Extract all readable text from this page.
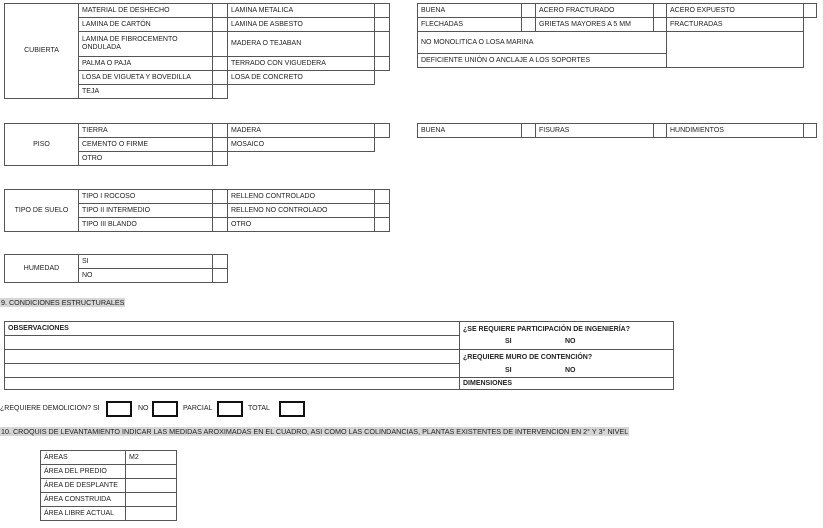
CUBIERTA	MATERIAL DE DESHECHO		LAMINA METALICA	
	LAMINA DE CARTÓN		LAMINA DE ASBESTO	
	LAMINA DE FIBROCEMENTO ONDULADA		MADERA O TEJABAN	
	PALMA O PAJA		TERRADO CON VIGUEDERA	
	LOSA DE VIGUETA Y BOVEDILLA		LOSA DE CONCRETO	
	TEJA			
BUENA		ACERO FRACTURADO		ACERO EXPUESTO	
FLECHADAS		GRIETAS MAYORES A 5 MM		FRACTURADAS	
NO MONOLITICA O LOSA MARINA					
DEFICIENTE UNIÓN O ANCLAJE A LOS SOPORTES					
PISO	TIERRA		MADERA	
	CEMENTO O FIRME		MOSAICO	
	OTRO			
BUENA		FISURAS		HUNDIMIENTOS	
TIPO DE SUELO	TIPO I ROCOSO		RELLENO CONTROLADO	
	TIPO II INTERMEDIO		RELLENO NO CONTROLADO	
	TIPO III BLANDO		OTRO	
HUMEDAD	SI	
	NO	
9. CONDICIONES ESTRUCTURALES
OBSERVACIONES	¿SE REQUIERE PARTICIPACIÓN DE INGENIERÍA?
SI NO

	¿REQUIERE MURO DE CONTENCIÓN?
SI NO

	DIMENSIONES
¿REQUIERE DEMOLICION? SI	NO	PARCIAL	TOTAL
10. CROQUIS DE LEVANTAMIENTO INDICAR LAS MEDIDAS AROXIMADAS EN EL CUADRO, ASI COMO LAS COLINDANCIAS, PLANTAS EXISTENTES DE INTERVENCION EN 2° Y 3° NIVEL
ÁREAS	M2
ÁREA DEL PREDIO	
ÁREA DE DESPLANTE	
ÁREA CONSTRUIDA	
ÁREA LIBRE ACTUAL	
